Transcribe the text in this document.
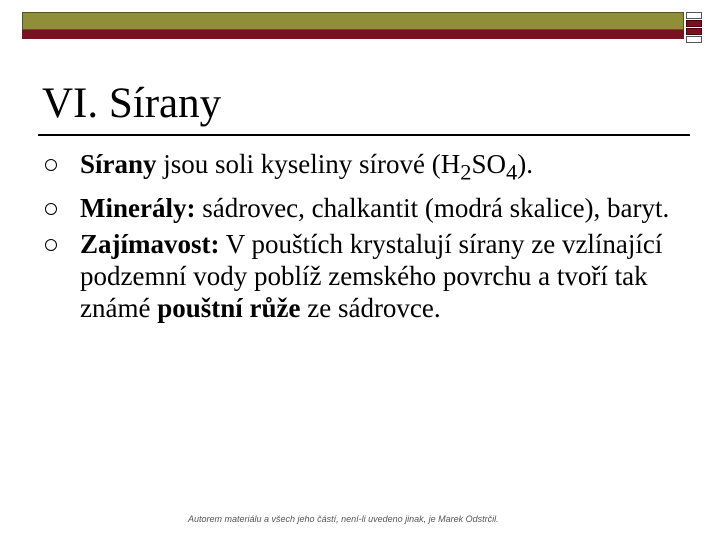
VI. Sírany
Sírany jsou soli kyseliny sírové $(H_2SO_4)$.
Minerály: sádrovec, chalkantit (modrá skalice), baryt.
Zajímavost: V pouštích krystalují sírany ze vzlínající podzemní vody poblíž zemského povrchu a tvoří tak známé pouštní růže ze sádrovce.
Autorem materiálu a všech jeho částí, není-li uvedeno jinak, je Marek Odstrčil.
